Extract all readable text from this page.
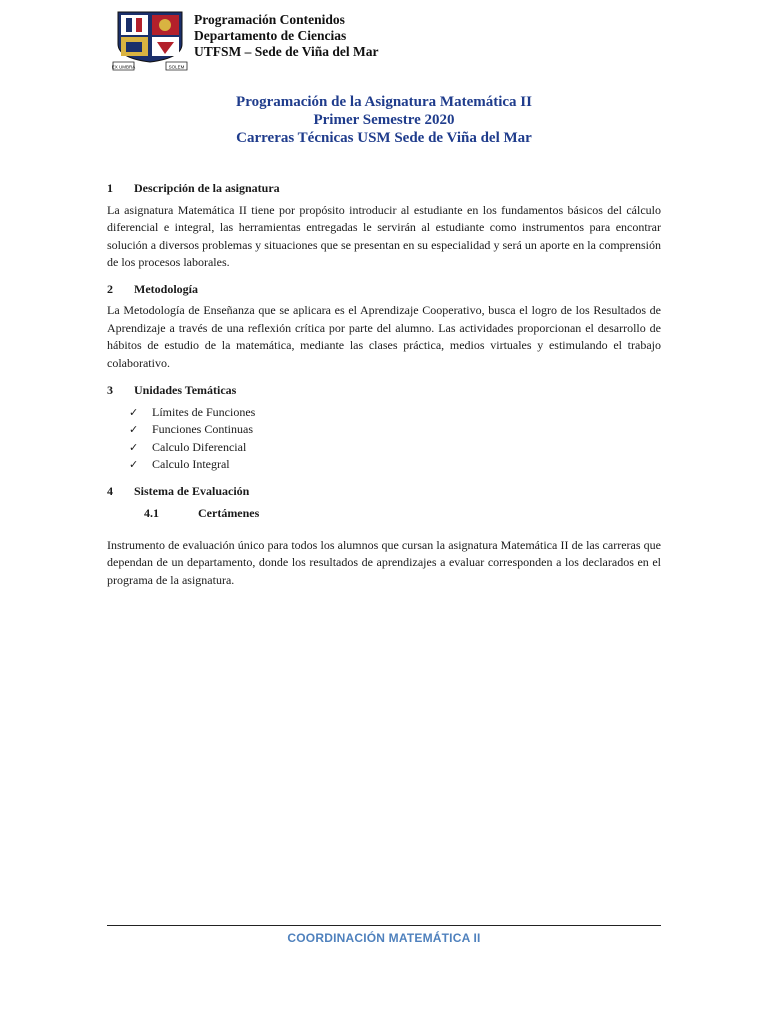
EX UMBRA	SOLEM
Programación Contenidos
Departamento de Ciencias
UTFSM – Sede de Viña del Mar
Programación de la Asignatura Matemática II
Primer Semestre 2020
Carreras Técnicas USM Sede de Viña del Mar
1	Descripción de la asignatura

La asignatura Matemática II tiene por propósito introducir al estudiante en los fundamentos básicos del cálculo diferencial e integral, las herramientas entregadas le servirán al estudiante como instrumentos para encontrar solución a diversos problemas y situaciones que se presentan en su especialidad y será un aporte en la comprensión de los procesos laborales.

2	Metodología

La Metodología de Enseñanza que se aplicara es el Aprendizaje Cooperativo, busca el logro de los Resultados de Aprendizaje a través de una reflexión crítica por parte del alumno. Las actividades proporcionan el desarrollo de hábitos de estudio de la matemática, mediante las clases práctica, medios virtuales y estimulando el trabajo colaborativo.

3	Unidades Temáticas
✓	Límites de Funciones
✓	Funciones Continuas
✓	Calculo Diferencial
✓	Calculo Integral
4	Sistema de Evaluación
4.1	Certámenes

Instrumento de evaluación único para todos los alumnos que cursan la asignatura Matemática II de las carreras que dependan de un departamento, donde los resultados de aprendizajes a evaluar corresponden a los declarados en el programa de la asignatura.

COORDINACIÓN MATEMÁTICA II
